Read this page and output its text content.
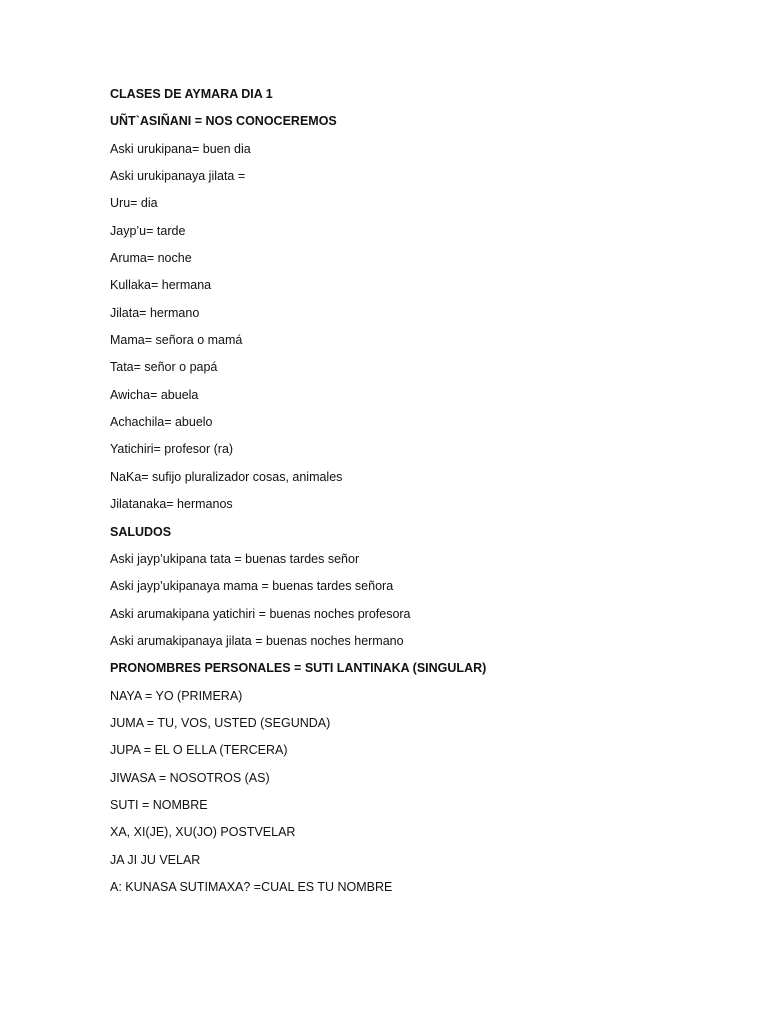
CLASES DE AYMARA DIA 1
UÑT`ASIÑANI = NOS CONOCEREMOS
Aski urukipana= buen dia
Aski urukipanaya jilata =
Uru= dia
Jayp’u= tarde
Aruma= noche
Kullaka= hermana
Jilata= hermano
Mama= señora o mamá
Tata= señor o papá
Awicha= abuela
Achachila= abuelo
Yatichiri= profesor (ra)
NaKa= sufijo pluralizador cosas, animales
Jilatanaka= hermanos
SALUDOS
Aski jayp’ukipana tata = buenas tardes señor
Aski jayp’ukipanaya mama = buenas tardes señora
Aski arumakipana yatichiri = buenas noches profesora
Aski arumakipanaya jilata = buenas noches hermano
PRONOMBRES PERSONALES = SUTI LANTINAKA (SINGULAR)
NAYA = YO (PRIMERA)
JUMA = TU, VOS, USTED (SEGUNDA)
JUPA = EL O ELLA (TERCERA)
JIWASA = NOSOTROS (AS)
SUTI = NOMBRE
XA, XI(JE), XU(JO) POSTVELAR
JA JI JU VELAR
A: KUNASA SUTIMAXA? =CUAL ES TU NOMBRE
